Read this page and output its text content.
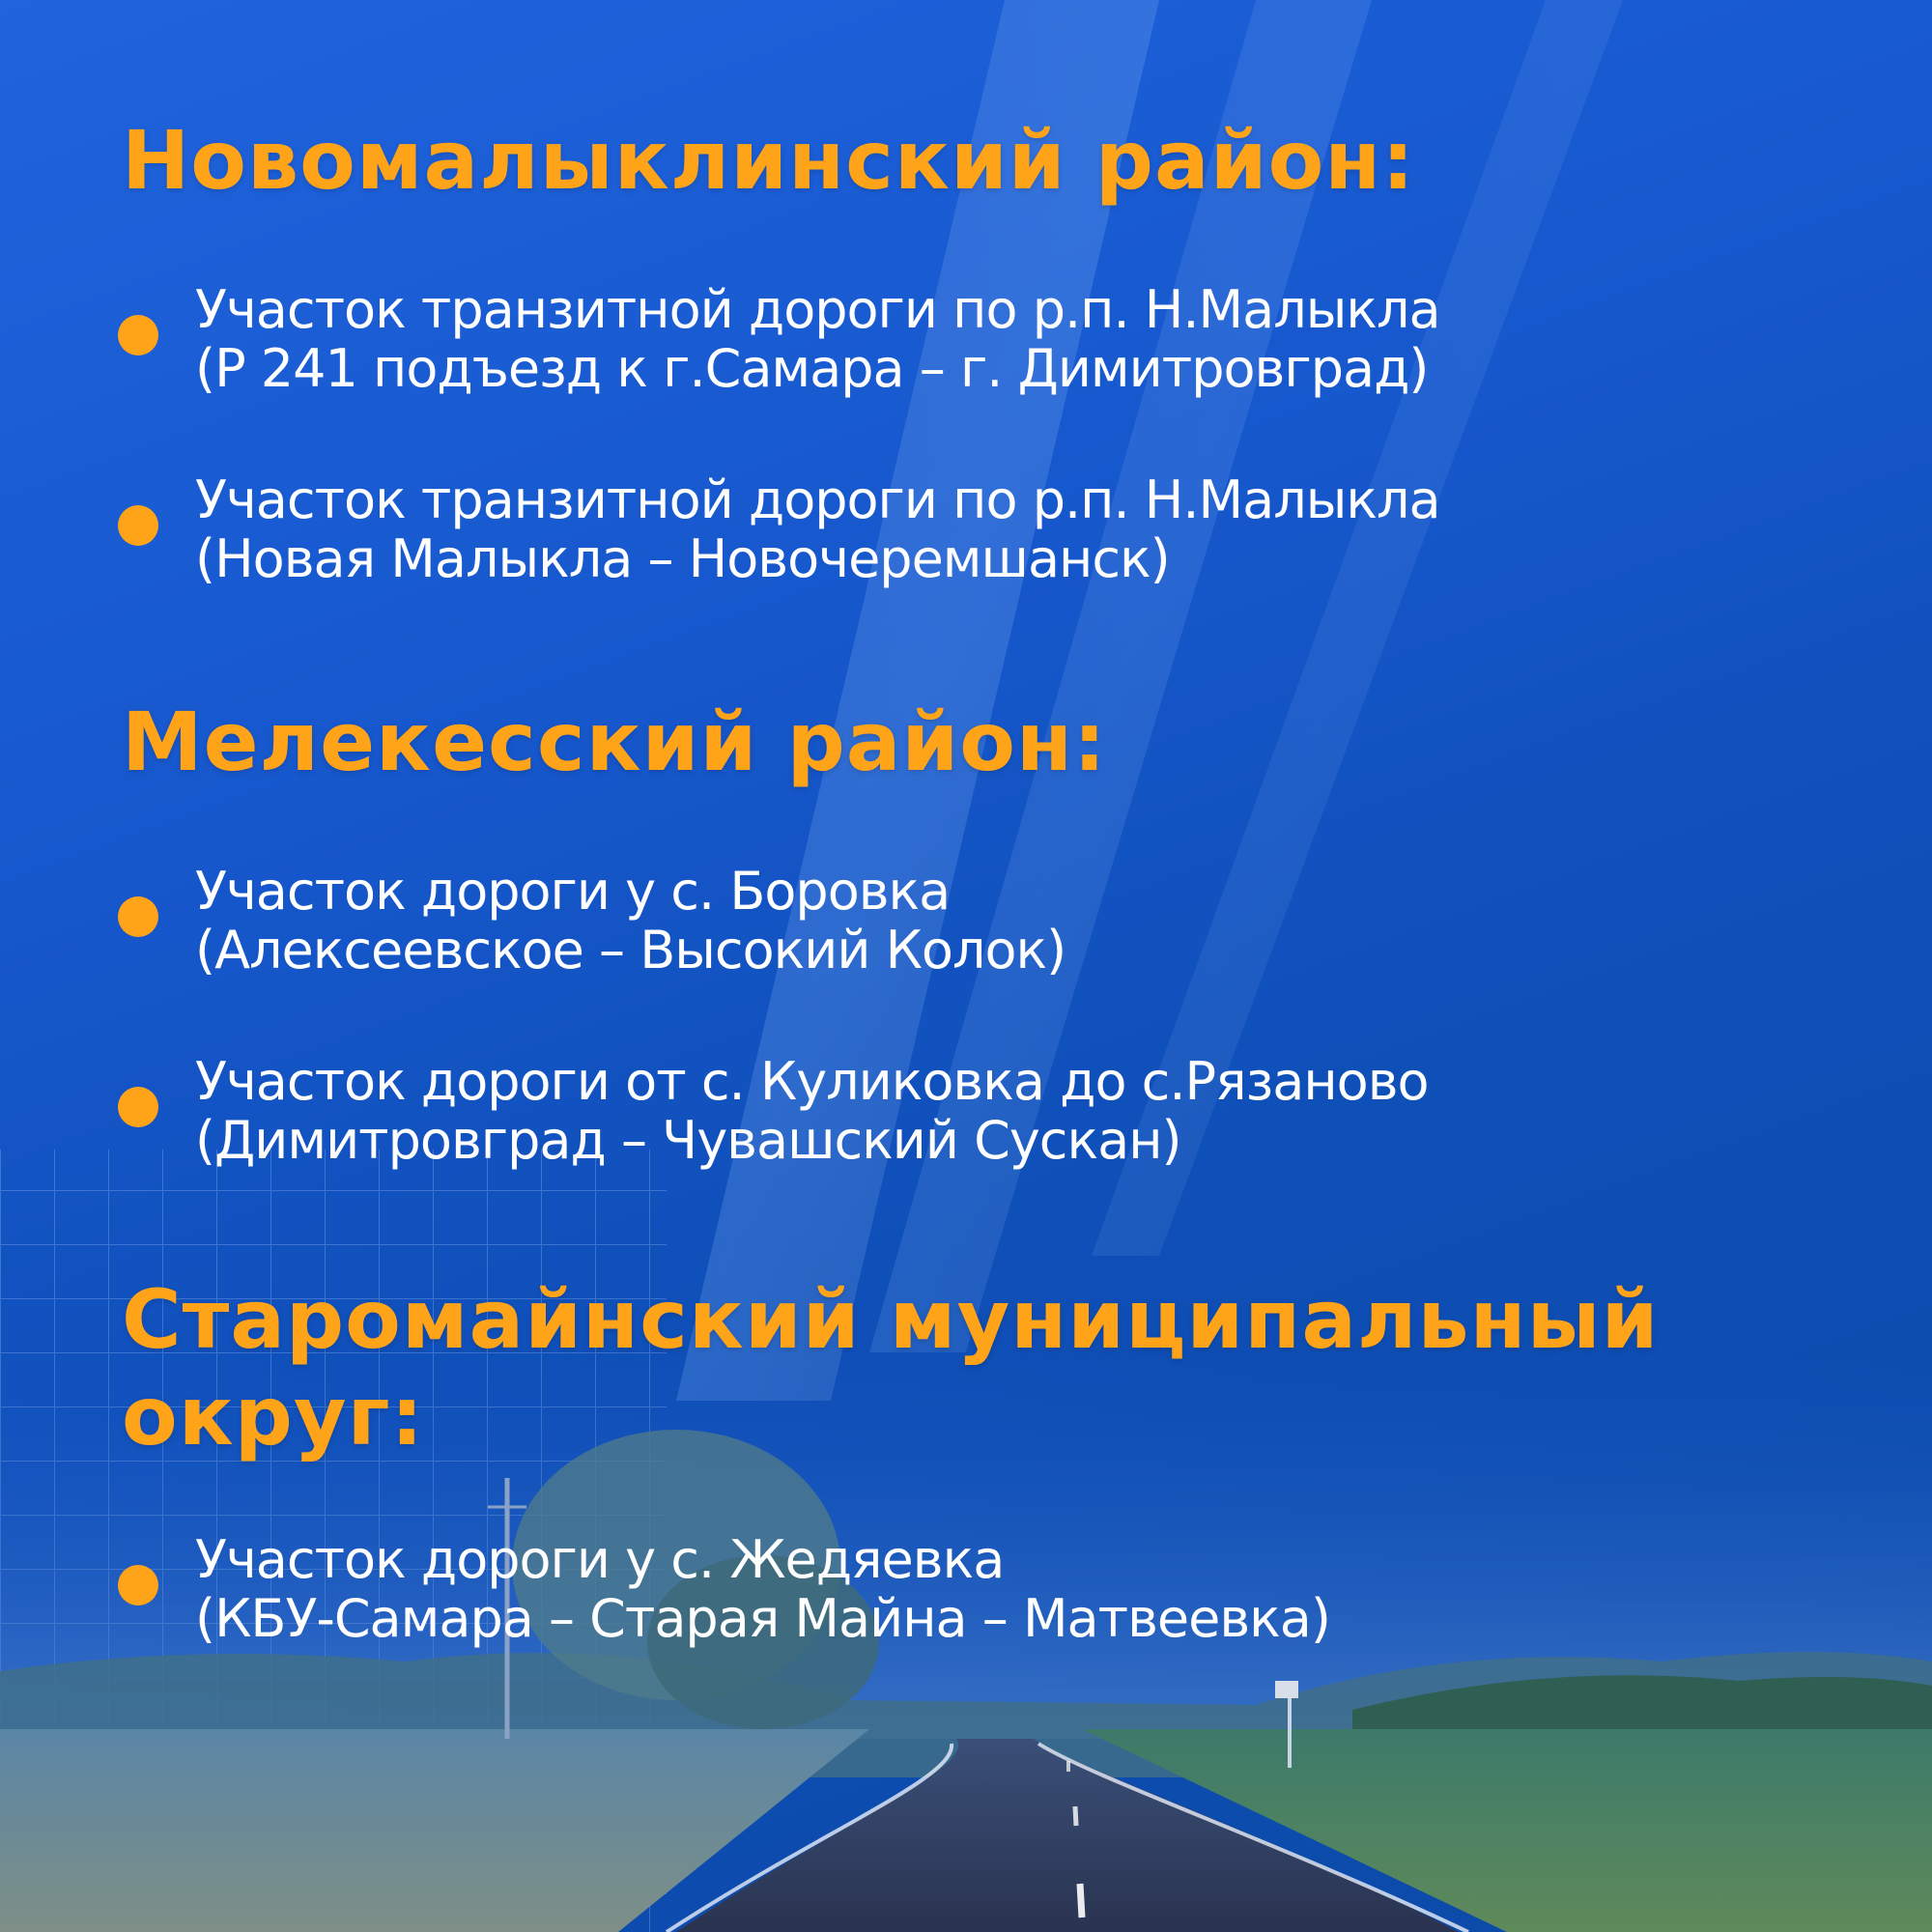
Новомалыклинский район:

Участок транзитной дороги по р.п. Н.Малыкла
(Р 241 подъезд к г.Самара – г. Димитровград)

Участок транзитной дороги по р.п. Н.Малыкла
(Новая Малыкла – Новочеремшанск)

Мелекесский район:

Участок дороги у с. Боровка
(Алексеевское – Высокий Колок)

Участок дороги от с. Куликовка до с.Рязаново
(Димитровград – Чувашский Сускан)

Старомайнский муниципальный
округ:

Участок дороги у с. Жедяевка
(КБУ-Самара – Старая Майна – Матвеевка)
